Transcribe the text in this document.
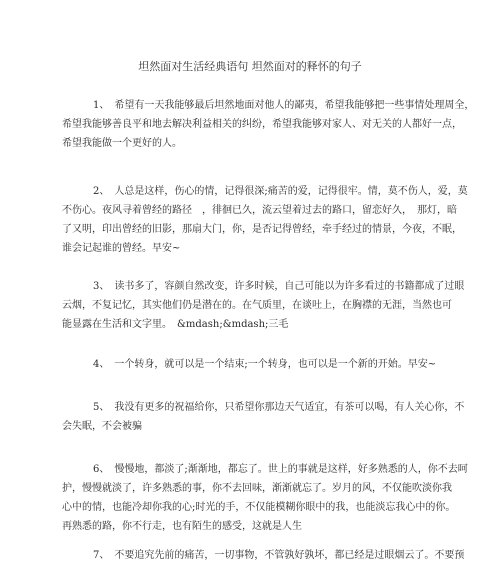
坦然面对生活经典语句 坦然面对的释怀的句子
1、　希望有一天我能够最后坦然地面对他人的鄙夷，希望我能够把一些事情处理周全，
希望我能够善良平和地去解决利益相关的纠纷，希望我能够对家人、对无关的人都好一点，
希望我能做一个更好的人。
2、　人总是这样，伤心的情，记得很深;痛苦的爱，记得很牢。情，莫不伤人，爱，莫
不伤心。夜风寻着曾经的路径　，徘徊已久，流云望着过去的路口，留恋好久，　那灯，暗
了又明，印出曾经的旧影，那扇大门，你，是否记得曾经，牵手经过的情景，今夜，不眠，
谁会记起谁的曾经。早安~
3、　读书多了，容颜自然改变，许多时候，自己可能以为许多看过的书籍都成了过眼
云烟，不复记忆，其实他们仍是潜在的。在气质里，在谈吐上，在胸襟的无涯，当然也可
能显露在生活和文字里。　&mdash;&mdash;三毛
4、　一个转身，就可以是一个结束;一个转身，也可以是一个新的开始。早安~
5、　我没有更多的祝福给你，只希望你那边天气适宜，有茶可以喝，有人关心你，不
会失眠，不会被骗
6、　慢慢地，都淡了;渐渐地，都忘了。世上的事就是这样，好多熟悉的人，你不去呵
护，慢慢就淡了，许多熟悉的事，你不去回味，渐渐就忘了。岁月的风，不仅能吹淡你我
心中的情，也能冷却你我的心;时光的手，不仅能模糊你眼中的我，也能淡忘我心中的你。
再熟悉的路，你不行走，也有陌生的感受，这就是人生
7、　不要追究先前的痛苦，一切事物，不管孰好孰坏，都已经是过眼烟云了。不要预
